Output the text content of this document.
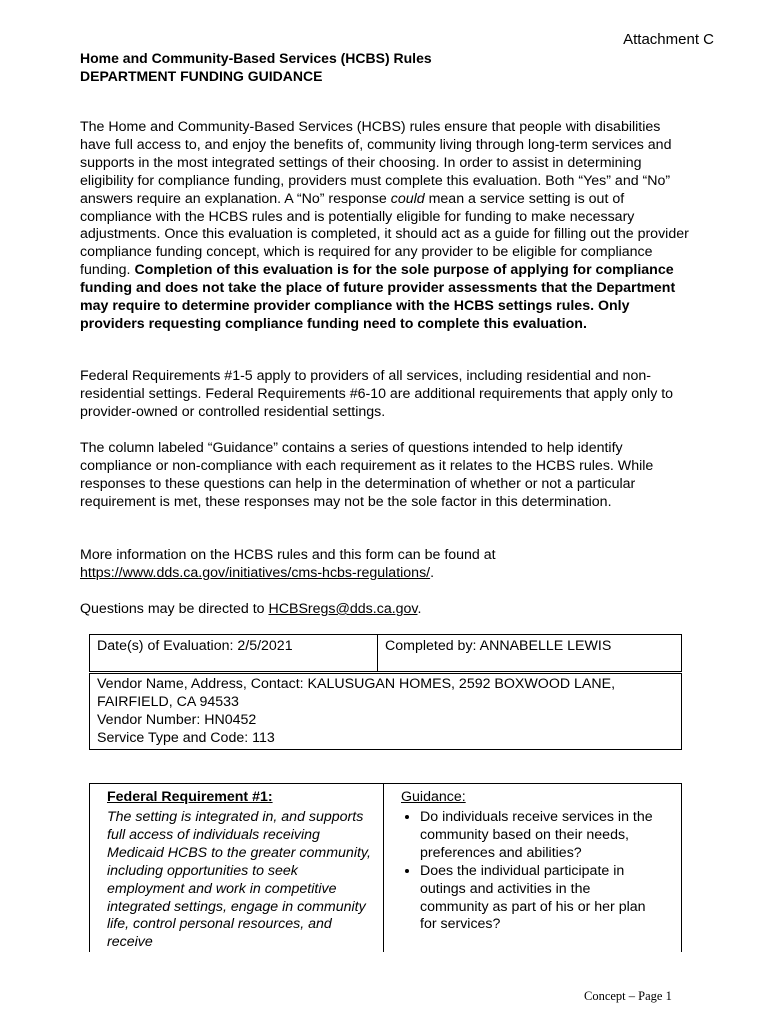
Attachment C
Home and Community-Based Services (HCBS) Rules
DEPARTMENT FUNDING GUIDANCE
The Home and Community-Based Services (HCBS) rules ensure that people with disabilities have full access to, and enjoy the benefits of, community living through long-term services and supports in the most integrated settings of their choosing. In order to assist in determining eligibility for compliance funding, providers must complete this evaluation. Both “Yes” and “No” answers require an explanation. A “No” response could mean a service setting is out of compliance with the HCBS rules and is potentially eligible for funding to make necessary adjustments. Once this evaluation is completed, it should act as a guide for filling out the provider compliance funding concept, which is required for any provider to be eligible for compliance funding. Completion of this evaluation is for the sole purpose of applying for compliance funding and does not take the place of future provider assessments that the Department may require to determine provider compliance with the HCBS settings rules. Only providers requesting compliance funding need to complete this evaluation.
Federal Requirements #1-5 apply to providers of all services, including residential and non-residential settings. Federal Requirements #6-10 are additional requirements that apply only to provider-owned or controlled residential settings.
The column labeled “Guidance” contains a series of questions intended to help identify compliance or non-compliance with each requirement as it relates to the HCBS rules. While responses to these questions can help in the determination of whether or not a particular requirement is met, these responses may not be the sole factor in this determination.
More information on the HCBS rules and this form can be found at
https://www.dds.ca.gov/initiatives/cms-hcbs-regulations/.
Questions may be directed to HCBSregs@dds.ca.gov.
Date(s) of Evaluation: 2/5/2021	Completed by: ANNABELLE LEWIS
Vendor Name, Address, Contact: KALUSUGAN HOMES, 2592 BOXWOOD LANE, FAIRFIELD, CA 94533
Vendor Number: HN0452
Service Type and Code: 113
Federal Requirement #1:
The setting is integrated in, and supports full access of individuals receiving Medicaid HCBS to the greater community, including opportunities to seek employment and work in competitive integrated settings, engage in community life, control personal resources, and receive
Guidance:
• Do individuals receive services in the community based on their needs, preferences and abilities?
• Does the individual participate in outings and activities in the community as part of his or her plan for services?
Concept – Page 1
